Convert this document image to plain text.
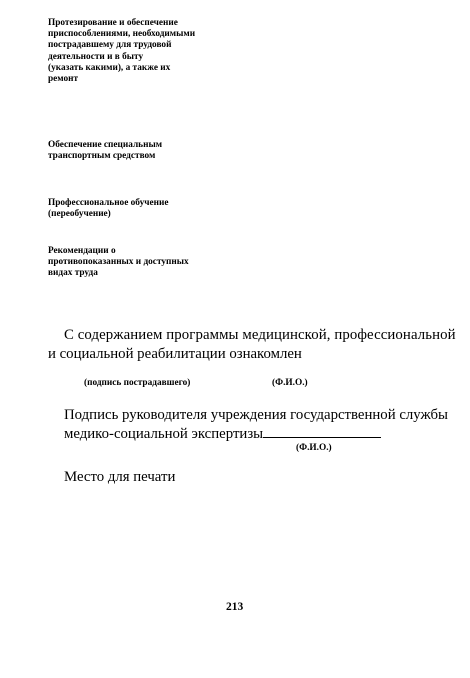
Протезирование и обеспечение
приспособлениями, необходимыми
пострадавшему для трудовой
деятельности и в быту
(указать какими), а также их
ремонт
Обеспечение специальным
транспортным средством
Профессиональное обучение
(переобучение)
Рекомендации о
противопоказанных и доступных
видах труда
С содержанием программы медицинской, профессиональной
и социальной реабилитации ознакомлен
(подпись пострадавшего)	(Ф.И.О.)
Подпись руководителя учреждения государственной службы
медико-социальной экспертизы
(Ф.И.О.)
Место для печати
213
